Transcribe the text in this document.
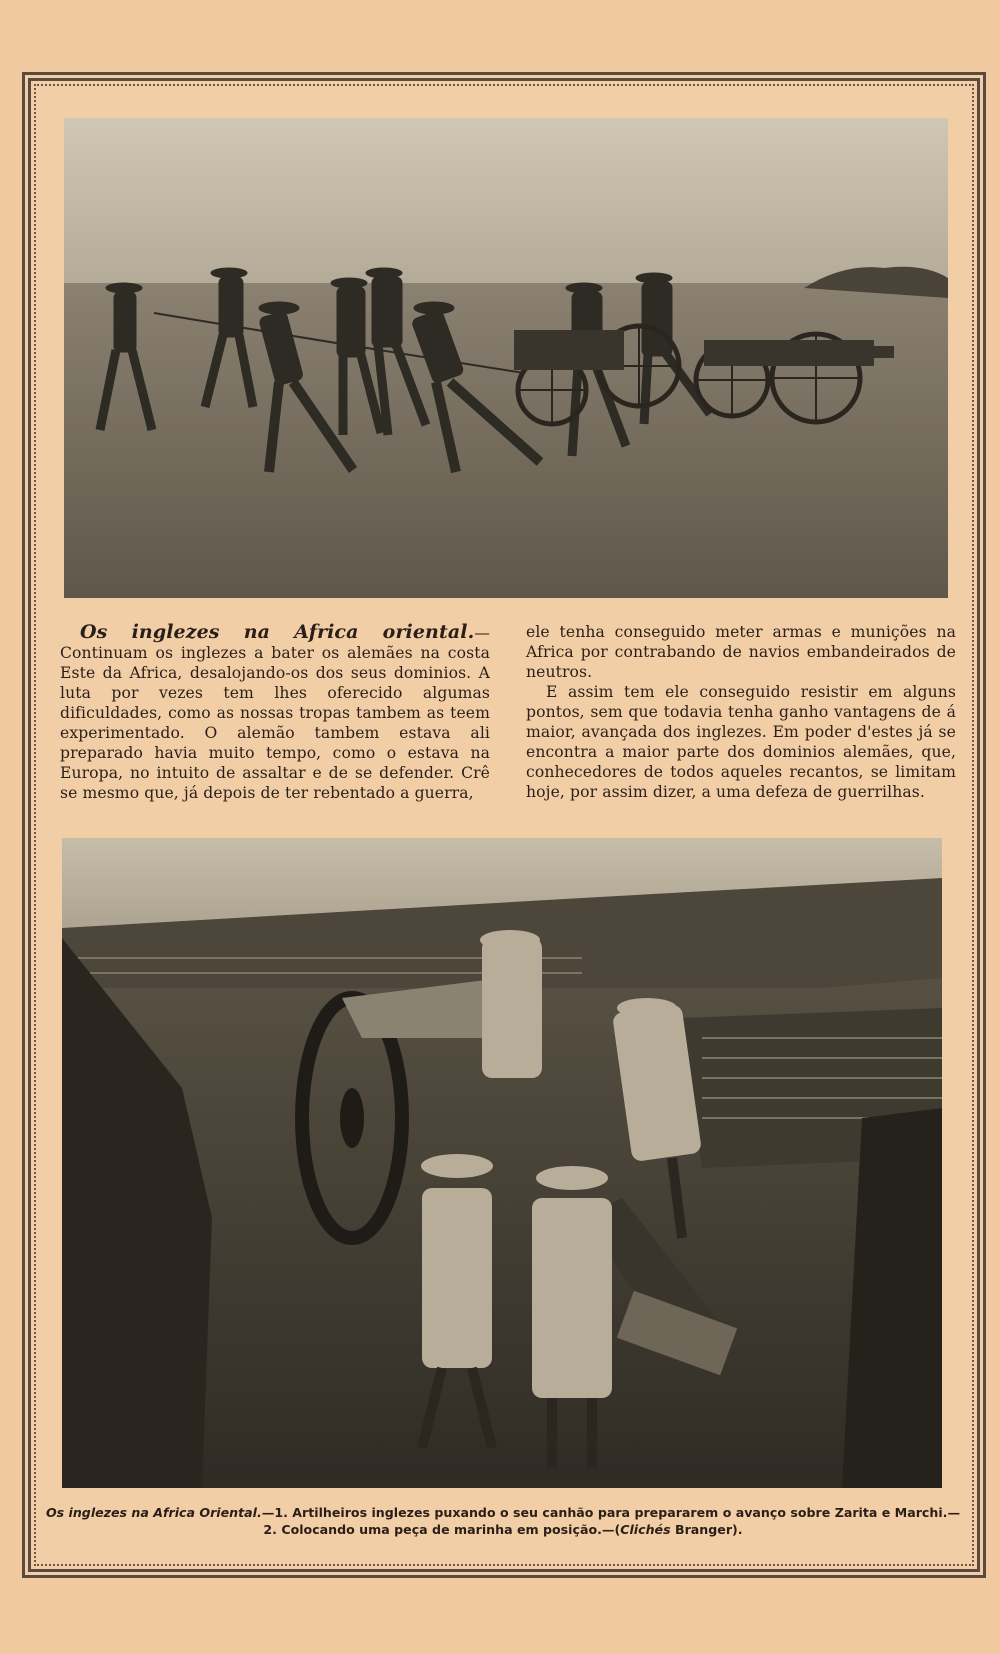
Os inglezes na Africa oriental.—Continuam os inglezes a bater os alemães na costa Este da Africa, desalojando-os dos seus dominios. A luta por vezes tem lhes oferecido algumas dificuldades, como as nossas tropas tambem as teem experimentado. O alemão tambem estava ali preparado havia muito tempo, como o estava na Europa, no intuito de assaltar e de se defender. Crê se mesmo que, já depois de ter rebentado a guerra,

ele tenha conseguido meter armas e munições na Africa por contrabando de navios embandeirados de neutros.

E assim tem ele conseguido resistir em alguns pontos, sem que todavia tenha ganho vantagens de á maior, avançada dos inglezes. Em poder d'estes já se encontra a maior parte dos dominios alemães, que, conhecedores de todos aqueles recantos, se limitam hoje, por assim dizer, a uma defeza de guerrilhas.

Os inglezes na Africa Oriental.—1. Artilheiros inglezes puxando o seu canhão para prepararem o avanço sobre Zarita e Marchi.—2. Colocando uma peça de marinha em posição.—(Clichés Branger).
